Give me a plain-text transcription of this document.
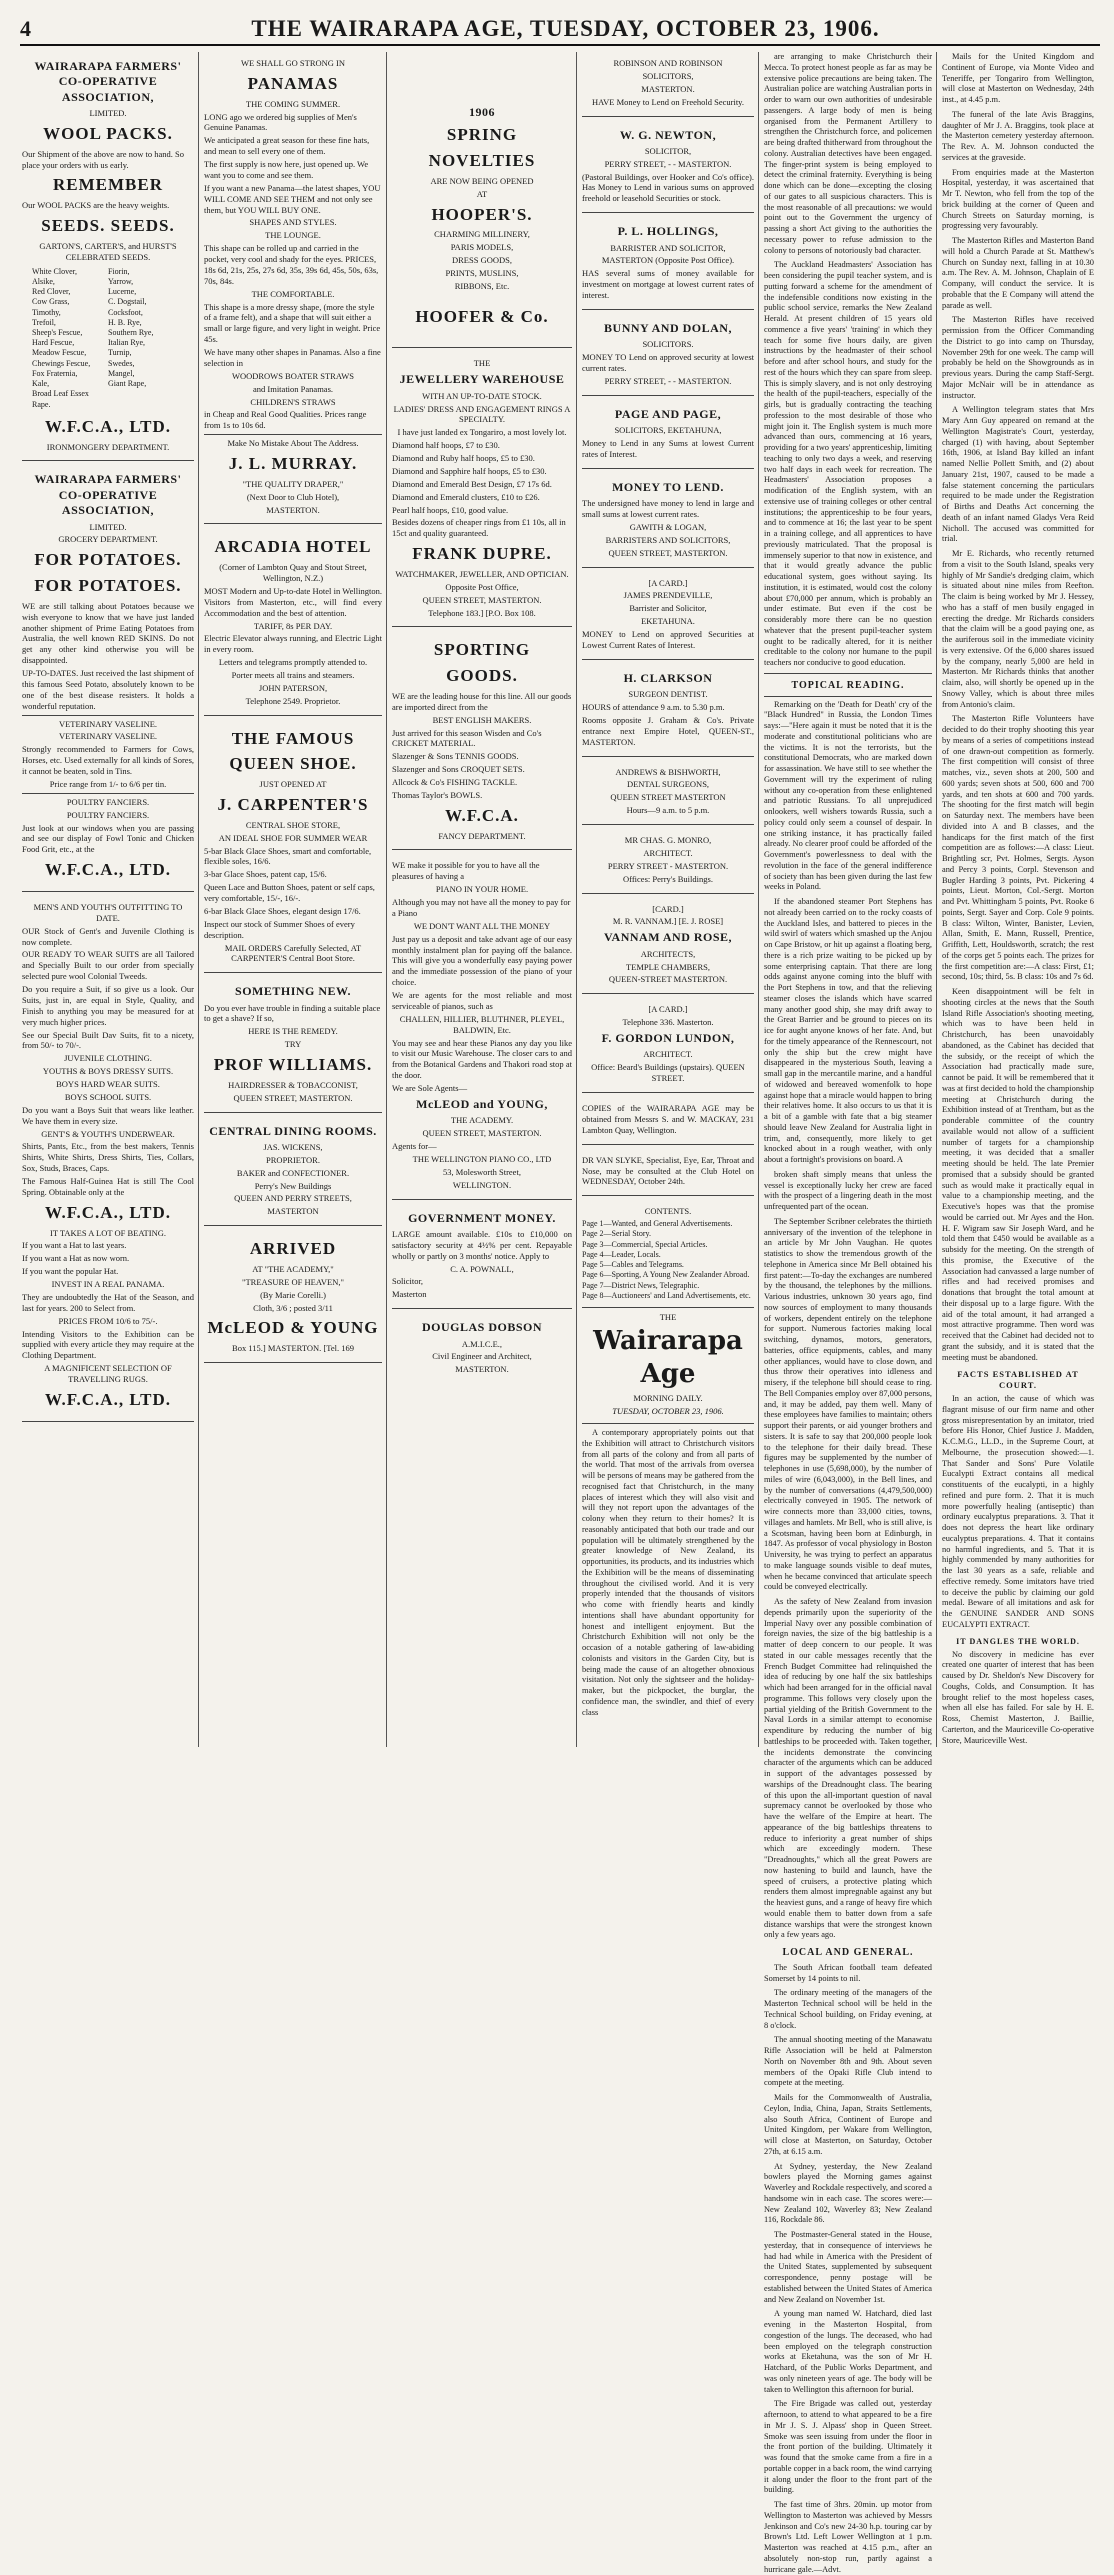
4	THE WAIRARAPA AGE, TUESDAY, OCTOBER 23, 1906.
WAIRARAPA FARMERS' CO-OPERATIVE ASSOCIATION,
LIMITED.
WOOL PACKS.
Our Shipment of the above are now to hand. So place your orders with us early.
REMEMBER
Our WOOL PACKS are the heavy weights.
SEEDS. SEEDS.
GARTON'S, CARTER'S, and HURST'S CELEBRATED SEEDS.
White Clover,	Fiorin,
Alsike,	Yarrow,
Red Clover,	Lucerne,
Cow Grass,	C. Dogstail,
Timothy,	Cocksfoot,
Trefoil,	H. B. Rye,
Sheep's Fescue,	Southern Rye,
Hard Fescue,	Italian Rye,
Meadow Fescue,	Turnip,
Chewings Fescue,	Swedes,
Fox Fraternia,	Mangel,
Kale,	Giant Rape,
Broad Leaf Essex Rape.
W.F.C.A., LTD.
IRONMONGERY DEPARTMENT.
WAIRARAPA FARMERS' CO-OPERATIVE ASSOCIATION,
LIMITED.
GROCERY DEPARTMENT.
FOR POTATOES.
FOR POTATOES.
WE are still talking about Potatoes because we wish everyone to know that we have just landed another shipment of Prime Eating Potatoes from Australia, the well known RED SKINS. Do not get any other kind otherwise you will be disappointed.
UP-TO-DATES. Just received the last shipment of this famous Seed Potato, absolutely known to be one of the best disease resisters. It holds a wonderful reputation.
VETERINARY VASELINE.
VETERINARY VASELINE.
Strongly recommended to Farmers for Cows, Horses, etc. Used externally for all kinds of Sores, it cannot be beaten, sold in Tins.
Price range from 1/- to 6/6 per tin.
POULTRY FANCIERS.
POULTRY FANCIERS.
Just look at our windows when you are passing and see our display of Fowl Tonic and Chicken Food Grit, etc., at the
W.F.C.A., LTD.
MEN'S AND YOUTH'S OUTFITTING TO DATE.
OUR Stock of Gent's and Juvenile Clothing is now complete.
OUR READY TO WEAR SUITS are all Tailored and Specially Built to our order from specially selected pure wool Colonial Tweeds.
Do you require a Suit, if so give us a look. Our Suits, just in, are equal in Style, Quality, and Finish to anything you may be measured for at very much higher prices.
See our Special Built Dav Suits, fit to a nicety, from 50/- to 70/-.
JUVENILE CLOTHING.
YOUTHS & BOYS DRESSY SUITS.
BOYS HARD WEAR SUITS.
BOYS SCHOOL SUITS.
Do you want a Boys Suit that wears like leather. We have them in every size.
GENT'S & YOUTH'S UNDERWEAR.
Shirts, Pants, Etc., from the best makers, Tennis Shirts, White Shirts, Dress Shirts, Ties, Collars, Sox, Studs, Braces, Caps.
The Famous Half-Guinea Hat is still The Cool Spring. Obtainable only at the
W.F.C.A., LTD.
IT TAKES A LOT OF BEATING.
If you want a Hat to last years.
If you want a Hat as now worn.
If you want the popular Hat.
INVEST IN A REAL PANAMA.
They are undoubtedly the Hat of the Season, and last for years. 200 to Select from.
PRICES FROM 10/6 to 75/-.
Intending Visitors to the Exhibition can be supplied with every article they may require at the Clothing Department.
A MAGNIFICENT SELECTION OF TRAVELLING RUGS.
W.F.C.A., LTD.
WE SHALL GO STRONG IN
PANAMAS
THE COMING SUMMER.
LONG ago we ordered big supplies of Men's Genuine Panamas.
We anticipated a great season for these fine hats, and mean to sell every one of them.
The first supply is now here, just opened up. We want you to come and see them.
If you want a new Panama—the latest shapes, YOU WILL COME AND SEE THEM and not only see them, but YOU WILL BUY ONE.
SHAPES AND STYLES.
THE LOUNGE.
This shape can be rolled up and carried in the pocket, very cool and shady for the eyes. PRICES, 18s 6d, 21s, 25s, 27s 6d, 35s, 39s 6d, 45s, 50s, 63s, 70s, 84s.
THE COMFORTABLE.
This shape is a more dressy shape, (more the style of a frame felt), and a shape that will suit either a small or large figure, and very light in weight. Price 45s.
We have many other shapes in Panamas. Also a fine selection in
WOODROWS BOATER STRAWS
and Imitation Panamas.
CHILDREN'S STRAWS
in Cheap and Real Good Qualities. Prices range from 1s to 10s 6d.
Make No Mistake About The Address.
J. L. MURRAY.
"THE QUALITY DRAPER,"
(Next Door to Club Hotel),
MASTERTON.
ARCADIA HOTEL
(Corner of Lambton Quay and Stout Street, Wellington, N.Z.)
MOST Modern and Up-to-date Hotel in Wellington. Visitors from Masterton, etc., will find every Accommodation and the best of attention.
TARIFF, 8s PER DAY.
Electric Elevator always running, and Electric Light in every room.
Letters and telegrams promptly attended to.
Porter meets all trains and steamers.
JOHN PATERSON,
Telephone 2549. Proprietor.
THE FAMOUS
QUEEN SHOE.
JUST OPENED AT
J. CARPENTER'S
CENTRAL SHOE STORE,
AN IDEAL SHOE FOR SUMMER WEAR
5-bar Black Glace Shoes, smart and comfortable, flexible soles, 16/6.
3-bar Glace Shoes, patent cap, 15/6.
Queen Lace and Button Shoes, patent or self caps, very comfortable, 15/-, 16/-.
6-bar Black Glace Shoes, elegant design 17/6.
Inspect our stock of Summer Shoes of every description.
MAIL ORDERS Carefully Selected, AT CARPENTER'S Central Boot Store.
SOMETHING NEW.
Do you ever have trouble in finding a suitable place to get a shave? If so,
HERE IS THE REMEDY.
TRY
PROF WILLIAMS.
HAIRDRESSER & TOBACCONIST,
QUEEN STREET, MASTERTON.
CENTRAL DINING ROOMS.
JAS. WICKENS,
PROPRIETOR.
BAKER and CONFECTIONER.
Perry's New Buildings
QUEEN AND PERRY STREETS,
MASTERTON
ARRIVED
AT "THE ACADEMY,"
"TREASURE OF HEAVEN,"
(By Marie Corelli.)
Cloth, 3/6 ; posted 3/11
McLEOD & YOUNG
Box 115.] MASTERTON. [Tel. 169
1906
SPRING
NOVELTIES
ARE NOW BEING OPENED
AT
HOOPER'S.
CHARMING MILLINERY,
PARIS MODELS,
DRESS GOODS,
PRINTS, MUSLINS,
RIBBONS, Etc.
HOOFER & Co.
THE
JEWELLERY WAREHOUSE
WITH AN UP-TO-DATE STOCK.
LADIES' DRESS AND ENGAGEMENT RINGS A SPECIALTY.
I have just landed ex Tongariro, a most lovely lot.
Diamond half hoops, £7 to £30.
Diamond and Ruby half hoops, £5 to £30.
Diamond and Sapphire half hoops, £5 to £30.
Diamond and Emerald Best Design, £7 17s 6d.
Diamond and Emerald clusters, £10 to £26.
Pearl half hoops, £10, good value.
Besides dozens of cheaper rings from £1 10s, all in 15ct and quality guaranteed.
FRANK DUPRE.
WATCHMAKER, JEWELLER, AND OPTICIAN.
Opposite Post Office,
QUEEN STREET, MASTERTON.
Telephone 183.] [P.O. Box 108.
SPORTING
GOODS.
WE are the leading house for this line. All our goods are imported direct from the
BEST ENGLISH MAKERS.
Just arrived for this season Wisden and Co's CRICKET MATERIAL.
Slazenger & Sons TENNIS GOODS.
Slazenger and Sons CROQUET SETS.
Allcock & Co's FISHING TACKLE.
Thomas Taylor's BOWLS.
W.F.C.A.
FANCY DEPARTMENT.
WE make it possible for you to have all the pleasures of having a
PIANO IN YOUR HOME.
Although you may not have all the money to pay for a Piano
WE DON'T WANT ALL THE MONEY
Just pay us a deposit and take advant age of our easy monthly instalment plan for paying off the balance. This will give you a wonderfully easy paying power and the immediate possession of the piano of your choice.
We are agents for the most reliable and most serviceable of pianos, such as
CHALLEN, HILLIER, BLUTHNER, PLEYEL, BALDWIN, Etc.
You may see and hear these Pianos any day you like to visit our Music Warehouse. The closer cars to and from the Botanical Gardens and Thakori road stop at the door.
We are Sole Agents—
McLEOD and YOUNG,
THE ACADEMY.
QUEEN STREET, MASTERTON.
Agents for—
THE WELLINGTON PIANO CO., LTD
53, Molesworth Street,
WELLINGTON.
GOVERNMENT MONEY.
LARGE amount available. £10s to £10,000 on satisfactory security at 4½% per cent. Repayable wholly or partly on 3 months' notice. Apply to
C. A. POWNALL,
Solicitor,
Masterton
DOUGLAS DOBSON
A.M.I.C.E.,
Civil Engineer and Architect,
MASTERTON.
ROBINSON AND ROBINSON
SOLICITORS,
MASTERTON.
HAVE Money to Lend on Freehold Security.
W. G. NEWTON,
SOLICITOR,
PERRY STREET, - - MASTERTON.
(Pastoral Buildings, over Hooker and Co's office). Has Money to Lend in various sums on approved freehold or leasehold Securities or stock.
P. L. HOLLINGS,
BARRISTER AND SOLICITOR,
MASTERTON (Opposite Post Office).
HAS several sums of money available for investment on mortgage at lowest current rates of interest.
BUNNY AND DOLAN,
SOLICITORS.
MONEY TO Lend on approved security at lowest current rates.
PERRY STREET, - - MASTERTON.
PAGE AND PAGE,
SOLICITORS, EKETAHUNA,
Money to Lend in any Sums at lowest Current rates of Interest.
MONEY TO LEND.
The undersigned have money to lend in large and small sums at lowest current rates.
GAWITH & LOGAN,
BARRISTERS AND SOLICITORS,
QUEEN STREET, MASTERTON.
[A CARD.]
JAMES PRENDEVILLE,
Barrister and Solicitor,
EKETAHUNA.
MONEY to Lend on approved Securities at Lowest Current Rates of Interest.
H. CLARKSON
SURGEON DENTIST.
HOURS of attendance 9 a.m. to 5.30 p.m.
Rooms opposite J. Graham & Co's. Private entrance next Empire Hotel, QUEEN-ST., MASTERTON.
ANDREWS & BISHWORTH,
DENTAL SURGEONS,
QUEEN STREET MASTERTON
Hours—9 a.m. to 5 p.m.
MR CHAS. G. MONRO,
ARCHITECT.
PERRY STREET - MASTERTON.
Offices: Perry's Buildings.
[CARD.]
M. R. VANNAM.] [E. J. ROSE]
VANNAM AND ROSE,
ARCHITECTS,
TEMPLE CHAMBERS,
QUEEN-STREET MASTERTON.
[A CARD.]
Telephone 336. Masterton.
F. GORDON LUNDON,
ARCHITECT.
Office: Beard's Buildings (upstairs). QUEEN STREET.
COPIES of the WAIRARAPA AGE may be obtained from Messrs S. and W. MACKAY, 231 Lambton Quay, Wellington.
DR VAN SLYKE, Specialist, Eye, Ear, Throat and Nose, may be consulted at the Club Hotel on WEDNESDAY, October 24th.
CONTENTS.
Page 1—Wanted, and General Advertisements.
Page 2—Serial Story.
Page 3—Commercial, Special Articles.
Page 4—Leader, Locals.
Page 5—Cables and Telegrams.
Page 6—Sporting, A Young New Zealander Abroad.
Page 7—District News, Telegraphic.
Page 8—Auctioneers' and Land Advertisements, etc.
THE
Wairarapa Age
MORNING DAILY.
TUESDAY, OCTOBER 23, 1906.
A contemporary appropriately points out that the Exhibition will attract to Christchurch visitors from all parts of the colony and from all parts of the world. That most of the arrivals from oversea will be persons of means may be gathered from the recognised fact that Christchurch, in the many places of interest which they will also visit and will they not report upon the advantages of the colony when they return to their homes? It is reasonably anticipated that both our trade and our population will be ultimately strengthened by the greater knowledge of New Zealand, its opportunities, its products, and its industries which the Exhibition will be the means of disseminating throughout the civilised world. And it is very properly intended that the thousands of visitors who come with friendly hearts and kindly intentions shall have abundant opportunity for honest and intelligent enjoyment. But the Christchurch Exhibition will not only be the occasion of a notable gathering of law-abiding colonists and visitors in the Garden City, but is being made the cause of an altogether obnoxious visitation. Not only the sightseer and the holiday-maker, but the pickpocket, the burglar, the confidence man, the swindler, and thief of every class
are arranging to make Christchurch their Mecca. To protect honest people as far as may be extensive police precautions are being taken. The Australian police are watching Australian ports in order to warn our own authorities of undesirable passengers. A large body of men is being organised from the Permanent Artillery to strengthen the Christchurch force, and policemen are being drafted thitherward from throughout the colony. Australian detectives have been engaged. The finger-print system is being employed to detect the criminal fraternity. Everything is being done which can be done—excepting the closing of our gates to all suspicious characters. This is the most reasonable of all precautions: we would point out to the Government the urgency of passing a short Act giving to the authorities the necessary power to refuse admission to the colony to persons of notoriously bad character.
The Auckland Headmasters' Association has been considering the pupil teacher system, and is putting forward a scheme for the amendment of the indefensible conditions now existing in the public school service, remarks the New Zealand Herald. At present children of 15 years old commence a five years' 'training' in which they teach for some five hours daily, are given instructions by the headmaster of their school before and after school hours, and study for the rest of the hours which they can spare from sleep. This is simply slavery, and is not only destroying the health of the pupil-teachers, especially of the girls, but is gradually contracting the teaching profession to the most desirable of those who might join it. The English system is much more advanced than ours, commencing at 16 years, providing for a two years' apprenticeship, limiting teaching to only two days a week, and reserving two half days in each week for recreation. The Headmasters' Association proposes a modification of the English system, with an extensive use of training colleges or other central institutions; the apprenticeship to be four years, and to commence at 16; the last year to be spent in a training college, and all apprentices to have previously matriculated. That the proposal is immensely superior to that now in existence, and that it would greatly advance the public educational system, goes without saying. Its institution, it is estimated, would cost the colony about £70,000 per annum, which is probably an under estimate. But even if the cost be considerably more there can be no question whatever that the present pupil-teacher system ought to be radically altered, for it is neither creditable to the colony nor humane to the pupil teachers nor conducive to good education.
TOPICAL READING.
Remarking on the 'Death for Death' cry of the "Black Hundred" in Russia, the London Times says:—"Here again it must be noted that it is the moderate and constitutional politicians who are the victims. It is not the terrorists, but the constitutional Democrats, who are marked down for assassination. We have still to see whether the Government will try the experiment of ruling without any co-operation from these enlightened and patriotic Russians. To all unprejudiced onlookers, well wishers towards Russia, such a policy could only seem a counsel of despair. In one striking instance, it has practically failed already. No clearer proof could be afforded of the Government's powerlessness to deal with the revolution in the face of the general indifference of society than has been given during the last few weeks in Poland.
If the abandoned steamer Port Stephens has not already been carried on to the rocky coasts of the Auckland Isles, and battered to pieces in the wild swirl of waters which smashed up the Anjou on Cape Bristow, or hit up against a floating berg, there is a rich prize waiting to be picked up by some enterprising captain. That there are long odds against anyone coming into the bluff with the Port Stephens in tow, and that the relieving steamer closes the islands which have scarred many another good ship, she may drift away to the Great Barrier and be ground to pieces on its ice for aught anyone knows of her fate. And, but for the timely appearance of the Rennescourt, not only the ship but the crew might have disappeared in the mysterious South, leaving a small gap in the mercantile marine, and a handful of widowed and bereaved womenfolk to hope against hope that a miracle would happen to bring their relatives home. It also occurs to us that it is a bit of a gamble with fate that a big steamer should leave New Zealand for Australia light in trim, and, consequently, more likely to get knocked about in a rough weather, with only about a fortnight's provisions on board. A
broken shaft simply means that unless the vessel is exceptionally lucky her crew are faced with the prospect of a lingering death in the most unfrequented part of the ocean.
The September Scribner celebrates the thirtieth anniversary of the invention of the telephone in an article by Mr John Vaughan. He quotes statistics to show the tremendous growth of the telephone in America since Mr Bell obtained his first patent:—To-day the exchanges are numbered by the thousand, the telephones by the millions. Various industries, unknown 30 years ago, find now sources of employment to many thousands of workers, dependent entirely on the telephone for support. Numerous factories making local switching, dynamos, motors, generators, batteries, office equipments, cables, and many other appliances, would have to close down, and thus throw their operatives into idleness and misery, if the telephone bill should cease to ring. The Bell Companies employ over 87,000 persons, and, it may be added, pay them well. Many of these employees have families to maintain; others support their parents, or aid younger brothers and sisters. It is safe to say that 200,000 people look to the telephone for their daily bread. These figures may be supplemented by the number of telephones in use (5,698,000), by the number of miles of wire (6,043,000), in the Bell lines, and by the number of conversations (4,479,500,000) electrically conveyed in 1905. The network of wire connects more than 33,000 cities, towns, villages and hamlets. Mr Bell, who is still alive, is a Scotsman, having been born at Edinburgh, in 1847. As professor of vocal physiology in Boston University, he was trying to perfect an apparatus to make language sounds visible to deaf mutes, when he became convinced that articulate speech could be conveyed electrically.
As the safety of New Zealand from invasion depends primarily upon the superiority of the Imperial Navy over any possible combination of foreign navies, the size of the big battleship is a matter of deep concern to our people. It was stated in our cable messages recently that the French Budget Committee had relinquished the idea of reducing by one half the six battleships which had been arranged for in the official naval programme. This follows very closely upon the partial yielding of the British Government to the Naval Lords in a similar attempt to economise expenditure by reducing the number of big battleships to be proceeded with. Taken together, the incidents demonstrate the convincing character of the arguments which can be adduced in support of the advantages possessed by warships of the Dreadnought class. The bearing of this upon the all-important question of naval supremacy cannot be overlooked by those who have the welfare of the Empire at heart. The appearance of the big battleships threatens to reduce to inferiority a great number of ships which are exceedingly modern. These "Dreadnoughts," which all the great Powers are now hastening to build and launch, have the speed of cruisers, a protective plating which renders them almost impregnable against any but the heaviest guns, and a range of heavy fire which would enable them to batter down from a safe distance warships that were the strongest known only a few years ago.
LOCAL AND GENERAL.
The South African football team defeated Somerset by 14 points to nil.
The ordinary meeting of the managers of the Masterton Technical school will be held in the Technical School building, on Friday evening, at 8 o'clock.
The annual shooting meeting of the Manawatu Rifle Association will be held at Palmerston North on November 8th and 9th. About seven members of the Opaki Rifle Club intend to compete at the meeting.
Mails for the Commonwealth of Australia, Ceylon, India, China, Japan, Straits Settlements, also South Africa, Continent of Europe and United Kingdom, per Wakare from Wellington, will close at Masterton, on Saturday, October 27th, at 6.15 a.m.
At Sydney, yesterday, the New Zealand bowlers played the Morning games against Waverley and Rockdale respectively, and scored a handsome win in each case. The scores were:—New Zealand 102, Waverley 83; New Zealand 116, Rockdale 86.
The Postmaster-General stated in the House, yesterday, that in consequence of interviews he had had while in America with the President of the United States, supplemented by subsequent correspondence, penny postage will be established between the United States of America and New Zealand on November 1st.
A young man named W. Hatchard, died last evening in the Masterton Hospital, from congestion of the lungs. The deceased, who had been employed on the telegraph construction works at Eketahuna, was the son of Mr H. Hatchard, of the Public Works Department, and was only nineteen years of age. The body will be taken to Wellington this afternoon for burial.
The Fire Brigade was called out, yesterday afternoon, to attend to what appeared to be a fire in Mr J. S. J. Alpass' shop in Queen Street. Smoke was seen issuing from under the floor in the front portion of the building. Ultimately it was found that the smoke came from a fire in a portable copper in a back room, the wind carrying it along under the floor to the front part of the building.
The fast time of 3hrs. 20min. up motor from Wellington to Masterton was achieved by Messrs Jenkinson and Co's new 24-30 h.p. touring car by Brown's Ltd. Left Lower Wellington at 1 p.m. Masterton was reached at 4.15 p.m., after an absolutely non-stop run, partly against a hurricane gale.—Advt.
Mails for the United Kingdom and Continent of Europe, via Monte Video and Teneriffe, per Tongariro from Wellington, will close at Masterton on Wednesday, 24th inst., at 4.45 p.m.
The funeral of the late Avis Braggins, daughter of Mr J. A. Braggins, took place at the Masterton cemetery yesterday afternoon. The Rev. A. M. Johnson conducted the services at the graveside.
From enquiries made at the Masterton Hospital, yesterday, it was ascertained that Mr T. Newton, who fell from the top of the brick building at the corner of Queen and Church Streets on Saturday morning, is progressing very favourably.
The Masterton Rifles and Masterton Band will hold a Church Parade at St. Matthew's Church on Sunday next, falling in at 10.30 a.m. The Rev. A. M. Johnson, Chaplain of E Company, will conduct the service. It is probable that the E Company will attend the parade as well.
The Masterton Rifles have received permission from the Officer Commanding the District to go into camp on Thursday, November 29th for one week. The camp will probably be held on the Showgrounds as in previous years. During the camp Staff-Sergt. Major McNair will be in attendance as instructor.
A Wellington telegram states that Mrs Mary Ann Guy appeared on remand at the Wellington Magistrate's Court, yesterday, charged (1) with having, about September 16th, 1906, at Island Bay killed an infant named Nellie Pollett Smith, and (2) about January 21st, 1907, caused to be made a false statement concerning the particulars required to be made under the Registration of Births and Deaths Act concerning the death of an infant named Gladys Vera Reid Nicholl. The accused was committed for trial.
Mr E. Richards, who recently returned from a visit to the South Island, speaks very highly of Mr Sandie's dredging claim, which is situated about nine miles from Reefton. The claim is being worked by Mr J. Hessey, who has a staff of men busily engaged in erecting the dredge. Mr Richards considers that the claim will be a good paying one, as the auriferous soil in the immediate vicinity is very extensive. Of the 6,000 shares issued by the company, nearly 5,000 are held in Masterton. Mr Richards thinks that another claim, also, will shortly be opened up in the Snowy Valley, which is about three miles from Antonio's claim.
The Masterton Rifle Volunteers have decided to do their trophy shooting this year by means of a series of competitions instead of one drawn-out competition as formerly. The first competition will consist of three matches, viz., seven shots at 200, 500 and 600 yards; seven shots at 500, 600 and 700 yards, and ten shots at 600 and 700 yards. The shooting for the first match will begin on Saturday next. The members have been divided into A and B classes, and the handicaps for the first match of the first competition are as follows:—A class: Lieut. Brightling scr, Pvt. Holmes, Sergts. Ayson and Percy 3 points, Corpl. Stevenson and Bugler Harding 3 points, Pvt. Pickering 4 points, Lieut. Morton, Col.-Sergt. Morton and Pvt. Whittingham 5 points, Pvt. Rooke 6 points, Sergt. Sayer and Corp. Cole 9 points. B class: Wilton, Winter, Banister, Levien, Allan, Smith, E. Mann, Russell, Prentice, Griffith, Lett, Houldsworth, scratch; the rest of the corps get 5 points each. The prizes for the first competition are:—A class: First, £1; second, 10s; third, 5s. B class: 10s and 7s 6d.
Keen disappointment will be felt in shooting circles at the news that the South Island Rifle Association's shooting meeting, which was to have been held in Christchurch, has been unavoidably abandoned, as the Cabinet has decided that the subsidy, or the receipt of which the Association had practically made sure, cannot be paid. It will be remembered that it was at first decided to hold the championship meeting at Christchurch during the Exhibition instead of at Trentham, but as the ponderable committee of the country available would not allow of a sufficient number of targets for a championship meeting, it was decided that a smaller meeting should be held. The late Premier promised that a subsidy should be granted such as would make it practically equal in value to a championship meeting, and the Executive's hopes was that the promise would be carried out. Mr Ayes and the Hon. H. F. Wigram saw Sir Joseph Ward, and he told them that £450 would be available as a subsidy for the meeting. On the strength of this promise, the Executive of the Association had canvassed a large number of rifles and had received promises and donations that brought the total amount at their disposal up to a large figure. With the aid of the total amount, it had arranged a most attractive programme. Then word was received that the Cabinet had decided not to grant the subsidy, and it is stated that the meeting must be abandoned.
FACTS ESTABLISHED AT COURT.
In an action, the cause of which was flagrant misuse of our firm name and other gross misrepresentation by an imitator, tried before His Honor, Chief Justice J. Madden, K.C.M.G., LL.D., in the Supreme Court, at Melbourne, the prosecution showed:—1. That Sander and Sons' Pure Volatile Eucalypti Extract contains all medical constituents of the eucalypti, in a highly refined and pure form. 2. That it is much more powerfully healing (antiseptic) than ordinary eucalyptus preparations. 3. That it does not depress the heart like ordinary eucalyptus preparations. 4. That it contains no harmful ingredients, and 5. That it is highly commended by many authorities for the last 30 years as a safe, reliable and effective remedy. Some imitators have tried to deceive the public by claiming our gold medal. Beware of all imitations and ask for the GENUINE SANDER AND SONS EUCALYPTI EXTRACT.
IT DANGLES THE WORLD.
No discovery in medicine has ever created one quarter of interest that has been caused by Dr. Sheldon's New Discovery for Coughs, Colds, and Consumption. It has brought relief to the most hopeless cases, when all else has failed. For sale by H. E. Ross, Chemist Masterton, J. Baillie, Carterton, and the Mauriceville Co-operative Store, Mauriceville West.
